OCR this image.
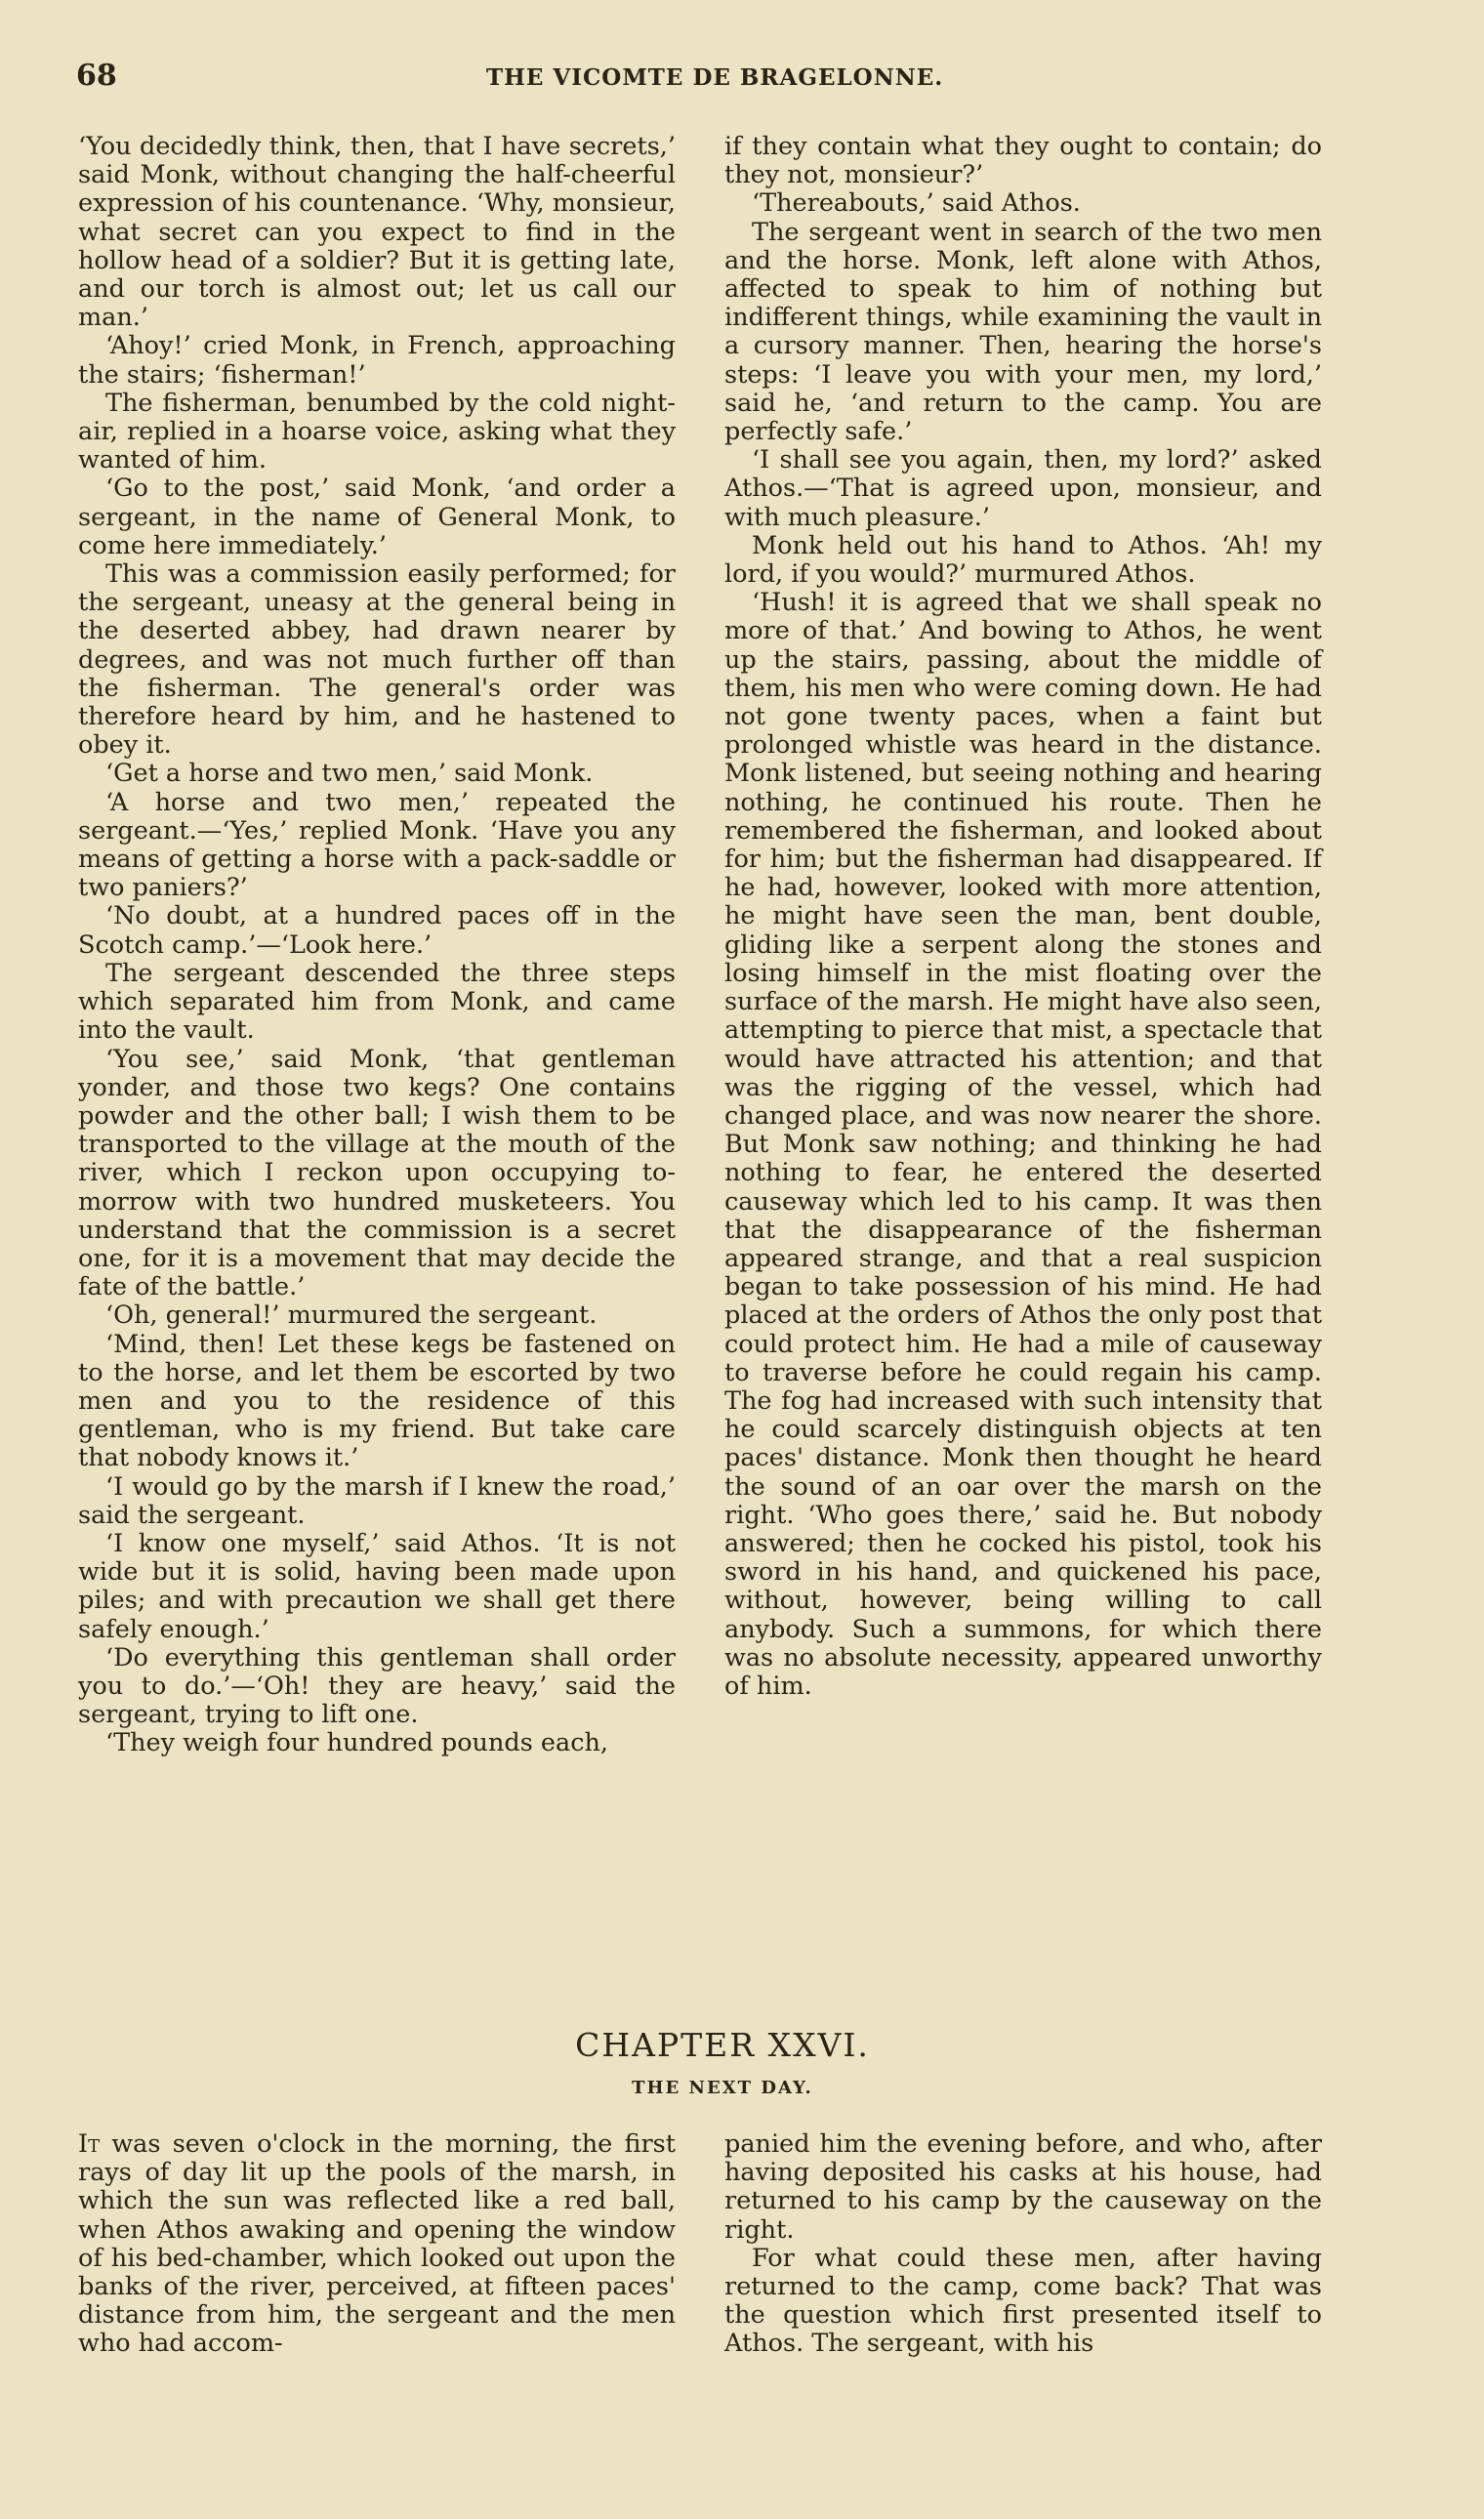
68	THE VICOMTE DE BRAGELONNE.

‘You decidedly think, then, that I have secrets,’ said Monk, without changing the half-cheerful expression of his countenance. ‘Why, monsieur, what secret can you expect to find in the hollow head of a soldier? But it is getting late, and our torch is almost out; let us call our man.’

‘Ahoy!’ cried Monk, in French, approaching the stairs; ‘fisherman!’

The fisherman, benumbed by the cold night-air, replied in a hoarse voice, asking what they wanted of him.

‘Go to the post,’ said Monk, ‘and order a sergeant, in the name of General Monk, to come here immediately.’

This was a commission easily performed; for the sergeant, uneasy at the general being in the deserted abbey, had drawn nearer by degrees, and was not much further off than the fisherman. The general's order was therefore heard by him, and he hastened to obey it.

‘Get a horse and two men,’ said Monk.

‘A horse and two men,’ repeated the sergeant.—‘Yes,’ replied Monk. ‘Have you any means of getting a horse with a pack-saddle or two paniers?’

‘No doubt, at a hundred paces off in the Scotch camp.’—‘Look here.’

The sergeant descended the three steps which separated him from Monk, and came into the vault.

‘You see,’ said Monk, ‘that gentleman yonder, and those two kegs? One contains powder and the other ball; I wish them to be transported to the village at the mouth of the river, which I reckon upon occupying to-morrow with two hundred musketeers. You understand that the commission is a secret one, for it is a movement that may decide the fate of the battle.’

‘Oh, general!’ murmured the sergeant.

‘Mind, then! Let these kegs be fastened on to the horse, and let them be escorted by two men and you to the residence of this gentleman, who is my friend. But take care that nobody knows it.’

‘I would go by the marsh if I knew the road,’ said the sergeant.

‘I know one myself,’ said Athos. ‘It is not wide but it is solid, having been made upon piles; and with precaution we shall get there safely enough.’

‘Do everything this gentleman shall order you to do.’—‘Oh! they are heavy,’ said the sergeant, trying to lift one.

‘They weigh four hundred pounds each,

if they contain what they ought to contain; do they not, monsieur?’

‘Thereabouts,’ said Athos.

The sergeant went in search of the two men and the horse. Monk, left alone with Athos, affected to speak to him of nothing but indifferent things, while examining the vault in a cursory manner. Then, hearing the horse's steps: ‘I leave you with your men, my lord,’ said he, ‘and return to the camp. You are perfectly safe.’

‘I shall see you again, then, my lord?’ asked Athos.—‘That is agreed upon, monsieur, and with much pleasure.’

Monk held out his hand to Athos. ‘Ah! my lord, if you would?’ murmured Athos.

‘Hush! it is agreed that we shall speak no more of that.’ And bowing to Athos, he went up the stairs, passing, about the middle of them, his men who were coming down. He had not gone twenty paces, when a faint but prolonged whistle was heard in the distance. Monk listened, but seeing nothing and hearing nothing, he continued his route. Then he remembered the fisherman, and looked about for him; but the fisherman had disappeared. If he had, however, looked with more attention, he might have seen the man, bent double, gliding like a serpent along the stones and losing himself in the mist floating over the surface of the marsh. He might have also seen, attempting to pierce that mist, a spectacle that would have attracted his attention; and that was the rigging of the vessel, which had changed place, and was now nearer the shore. But Monk saw nothing; and thinking he had nothing to fear, he entered the deserted causeway which led to his camp. It was then that the disappearance of the fisherman appeared strange, and that a real suspicion began to take possession of his mind. He had placed at the orders of Athos the only post that could protect him. He had a mile of causeway to traverse before he could regain his camp. The fog had increased with such intensity that he could scarcely distinguish objects at ten paces' distance. Monk then thought he heard the sound of an oar over the marsh on the right. ‘Who goes there,’ said he. But nobody answered; then he cocked his pistol, took his sword in his hand, and quickened his pace, without, however, being willing to call anybody. Such a summons, for which there was no absolute necessity, appeared unworthy of him.

CHAPTER XXVI.
THE NEXT DAY.

It was seven o'clock in the morning, the first rays of day lit up the pools of the marsh, in which the sun was reflected like a red ball, when Athos awaking and opening the window of his bed-chamber, which looked out upon the banks of the river, perceived, at fifteen paces' distance from him, the sergeant and the men who had accom-

panied him the evening before, and who, after having deposited his casks at his house, had returned to his camp by the causeway on the right.

For what could these men, after having returned to the camp, come back? That was the question which first presented itself to Athos. The sergeant, with his
